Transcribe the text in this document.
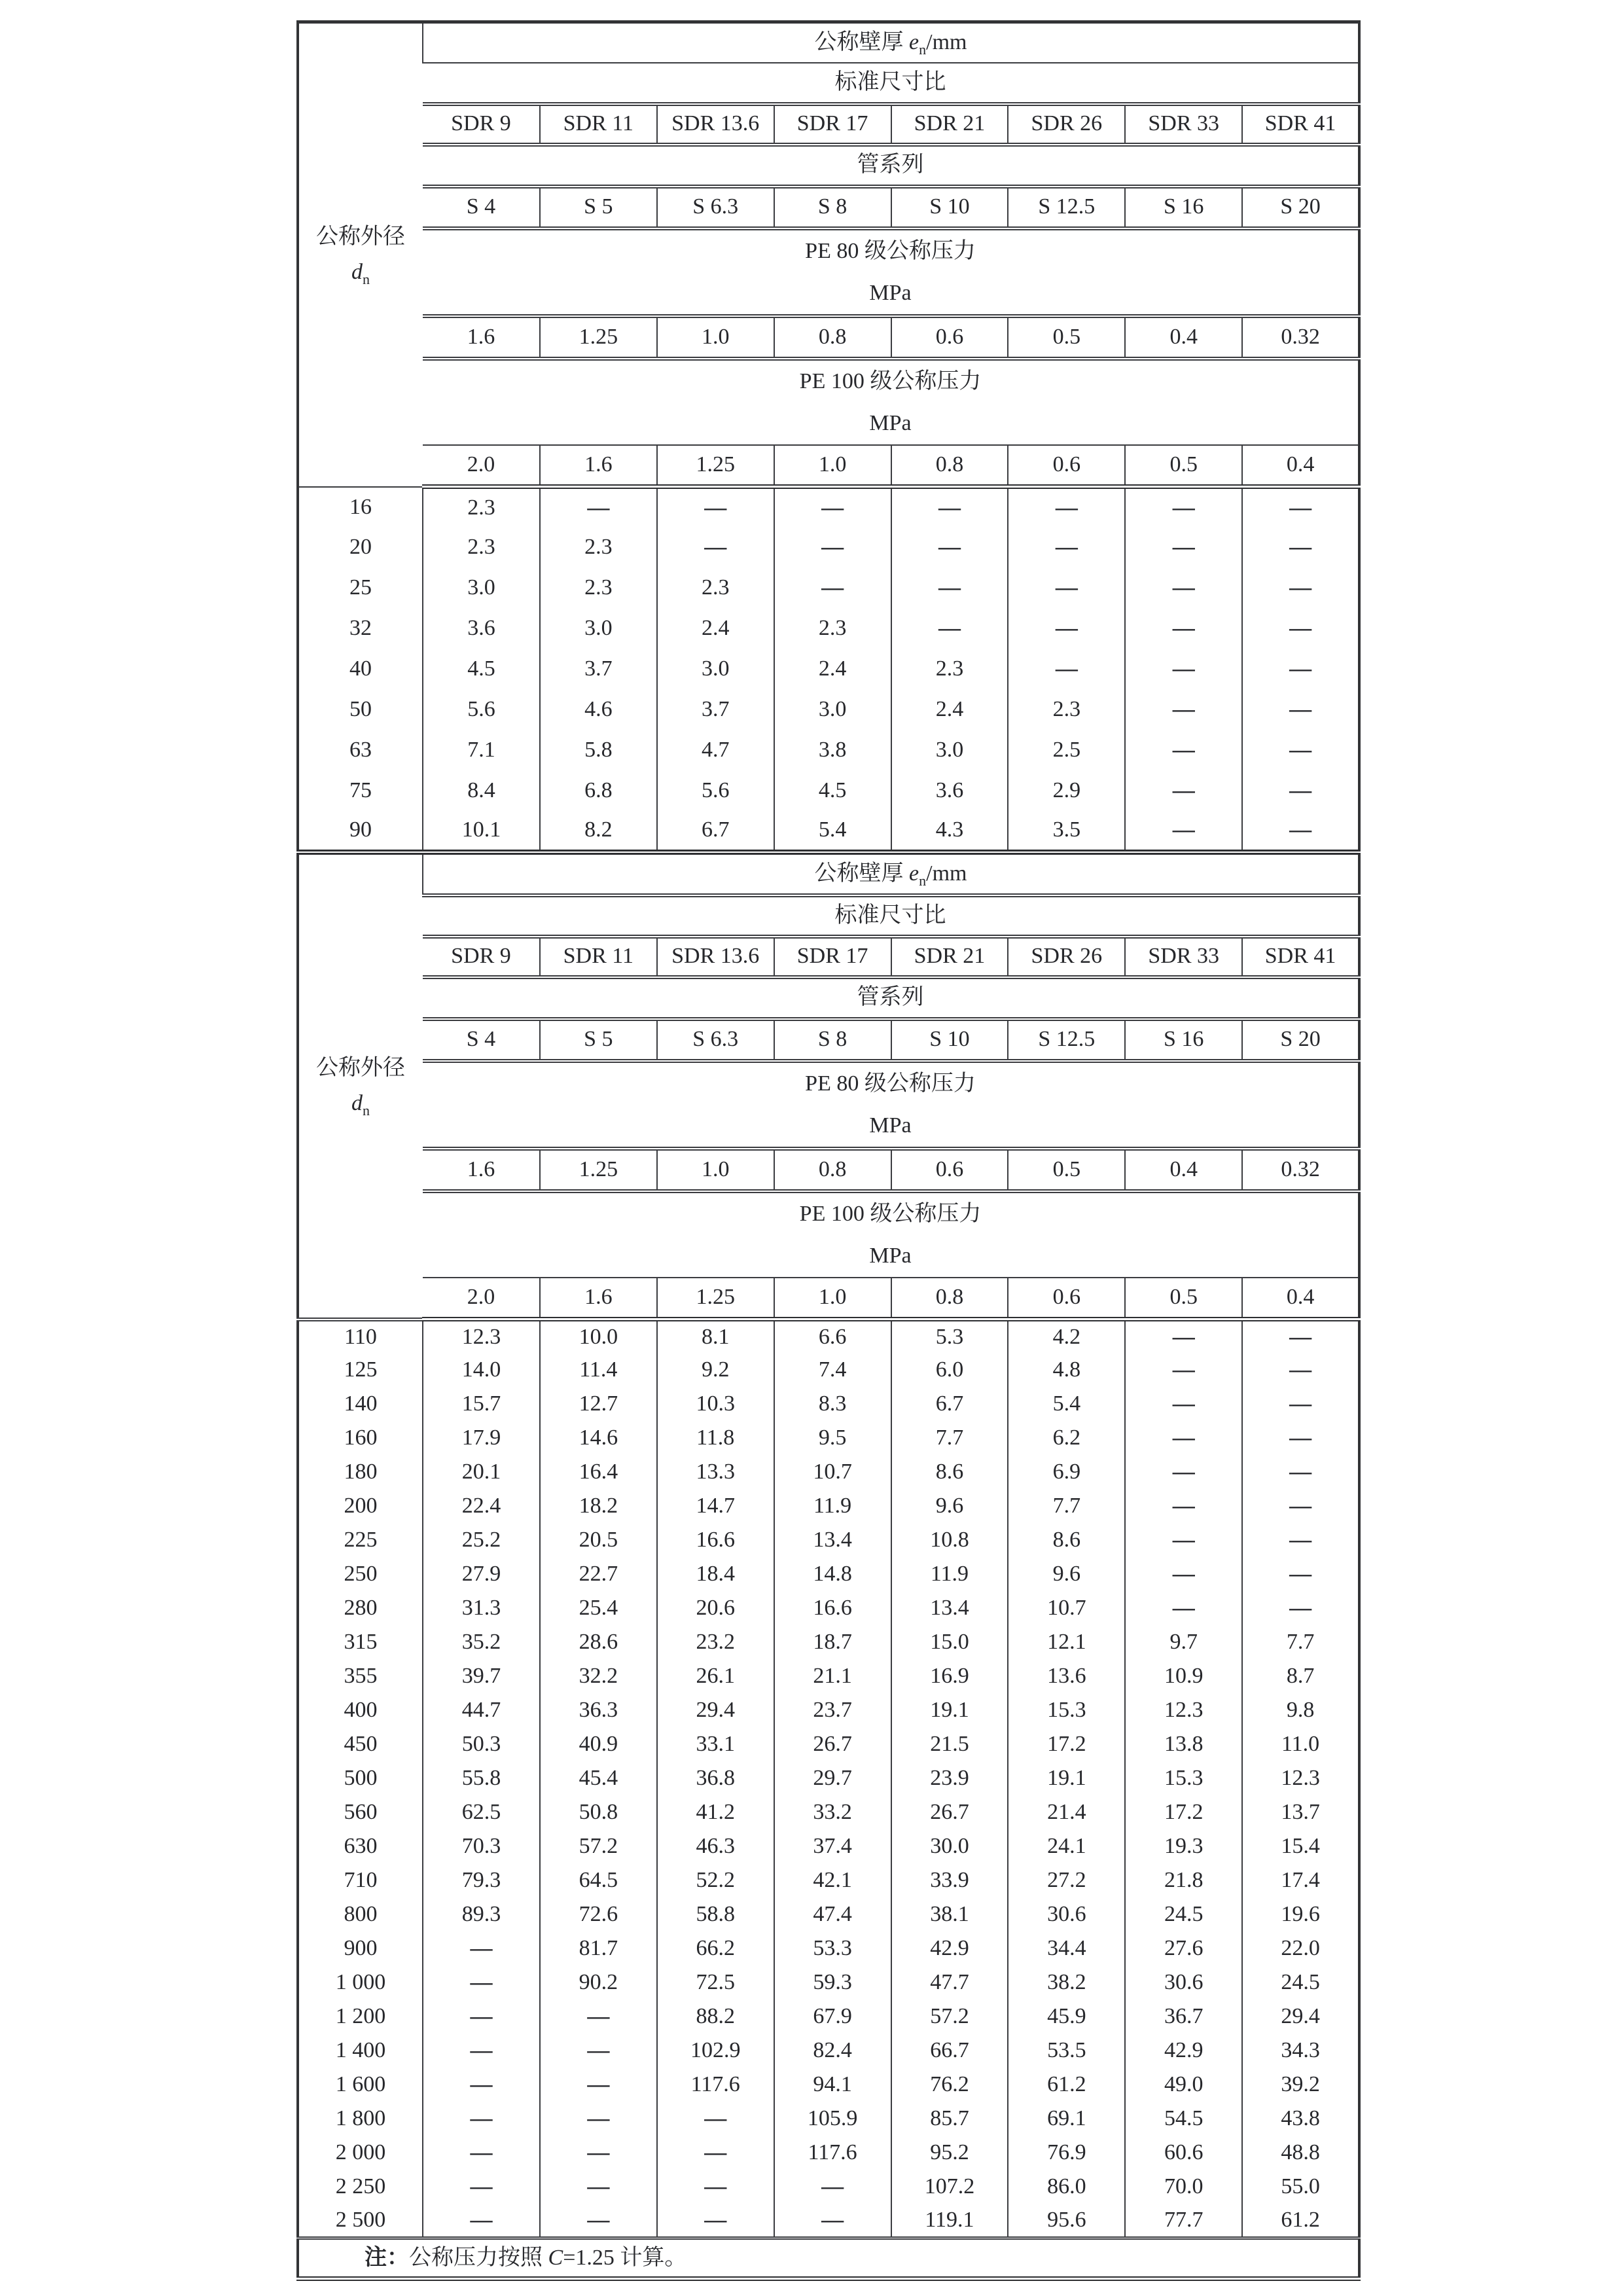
公称外径
$d_n$	公称壁厚 $e_n/mm$							
	标准尺寸比							
	SDR 9	SDR 11	SDR 13.6	SDR 17	SDR 21	SDR 26	SDR 33	SDR 41
	管系列							
	S 4	S 5	S 6.3	S 8	S 10	S 12.5	S 16	S 20

	PE 80 级公称压力
MPa							

	1.6	1.25	1.0	0.8	0.6	0.5	0.4	0.32

	PE 100 级公称压力
MPa							

	2.0	1.6	1.25	1.0	0.8	0.6	0.5	0.4
16	2.3	—	—	—	—	—	—	—
20	2.3	2.3	—	—	—	—	—	—
25	3.0	2.3	2.3	—	—	—	—	—
32	3.6	3.0	2.4	2.3	—	—	—	—
40	4.5	3.7	3.0	2.4	2.3	—	—	—
50	5.6	4.6	3.7	3.0	2.4	2.3	—	—
63	7.1	5.8	4.7	3.8	3.0	2.5	—	—
75	8.4	6.8	5.6	4.5	3.6	2.9	—	—
90	10.1	8.2	6.7	5.4	4.3	3.5	—	—
公称外径
$d_n$	公称壁厚 $e_n/mm$							
	标准尺寸比							
	SDR 9	SDR 11	SDR 13.6	SDR 17	SDR 21	SDR 26	SDR 33	SDR 41
	管系列							
	S 4	S 5	S 6.3	S 8	S 10	S 12.5	S 16	S 20

	PE 80 级公称压力
MPa							

	1.6	1.25	1.0	0.8	0.6	0.5	0.4	0.32

	PE 100 级公称压力
MPa							

	2.0	1.6	1.25	1.0	0.8	0.6	0.5	0.4
110	12.3	10.0	8.1	6.6	5.3	4.2	—	—
125	14.0	11.4	9.2	7.4	6.0	4.8	—	—
140	15.7	12.7	10.3	8.3	6.7	5.4	—	—
160	17.9	14.6	11.8	9.5	7.7	6.2	—	—
180	20.1	16.4	13.3	10.7	8.6	6.9	—	—
200	22.4	18.2	14.7	11.9	9.6	7.7	—	—
225	25.2	20.5	16.6	13.4	10.8	8.6	—	—
250	27.9	22.7	18.4	14.8	11.9	9.6	—	—
280	31.3	25.4	20.6	16.6	13.4	10.7	—	—
315	35.2	28.6	23.2	18.7	15.0	12.1	9.7	7.7
355	39.7	32.2	26.1	21.1	16.9	13.6	10.9	8.7
400	44.7	36.3	29.4	23.7	19.1	15.3	12.3	9.8
450	50.3	40.9	33.1	26.7	21.5	17.2	13.8	11.0
500	55.8	45.4	36.8	29.7	23.9	19.1	15.3	12.3
560	62.5	50.8	41.2	33.2	26.7	21.4	17.2	13.7
630	70.3	57.2	46.3	37.4	30.0	24.1	19.3	15.4
710	79.3	64.5	52.2	42.1	33.9	27.2	21.8	17.4
800	89.3	72.6	58.8	47.4	38.1	30.6	24.5	19.6
900	—	81.7	66.2	53.3	42.9	34.4	27.6	22.0
1 000	—	90.2	72.5	59.3	47.7	38.2	30.6	24.5
1 200	—	—	88.2	67.9	57.2	45.9	36.7	29.4
1 400	—	—	102.9	82.4	66.7	53.5	42.9	34.3
1 600	—	—	117.6	94.1	76.2	61.2	49.0	39.2
1 800	—	—	—	105.9	85.7	69.1	54.5	43.8
2 000	—	—	—	117.6	95.2	76.9	60.6	48.8
2 250	—	—	—	—	107.2	86.0	70.0	55.0
2 500	—	—	—	—	119.1	95.6	77.7	61.2
注：公称压力按照 C=1.25 计算。								
